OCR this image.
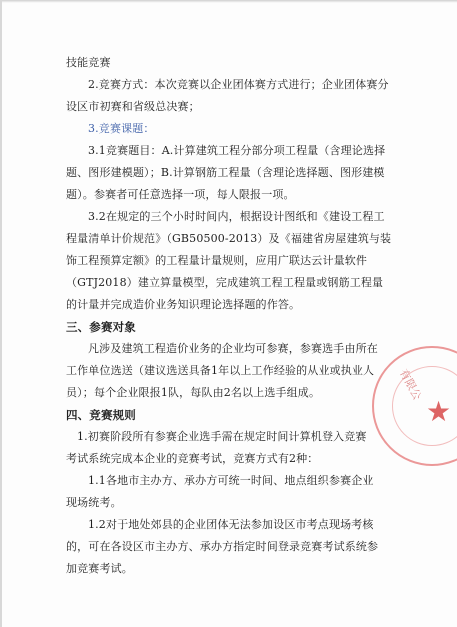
★
有限公

技能竞赛

2.竞赛方式：本次竞赛以企业团体赛方式进行；企业团体赛分

设区市初赛和省级总决赛；

3.竞赛课题：

3.1竞赛题目：A.计算建筑工程分部分项工程量（含理论选择

题、图形建模题）；B.计算钢筋工程量（含理论选择题、图形建模

题）。参赛者可任意选择一项，每人限报一项。

3.2在规定的三个小时时间内，根据设计图纸和《建设工程工

程量清单计价规范》（GB50500-2013）及《福建省房屋建筑与装

饰工程预算定额》的工程量计量规则，应用广联达云计量软件

（GTJ2018）建立算量模型，完成建筑工程工程量或钢筋工程量

的计量并完成造价业务知识理论选择题的作答。

三、参赛对象

凡涉及建筑工程造价业务的企业均可参赛，参赛选手由所在

工作单位选送（建议选送具备1年以上工作经验的从业或执业人

员）；每个企业限报1队，每队由2名以上选手组成。

四、竞赛规则

1.初赛阶段所有参赛企业选手需在规定时间计算机登入竞赛

考试系统完成本企业的竞赛考试，竞赛方式有2种：

1.1各地市主办方、承办方可统一时间、地点组织参赛企业

现场统考。

1.2对于地处郊县的企业团体无法参加设区市考点现场考核

的，可在各设区市主办方、承办方指定时间登录竞赛考试系统参

加竞赛考试。
